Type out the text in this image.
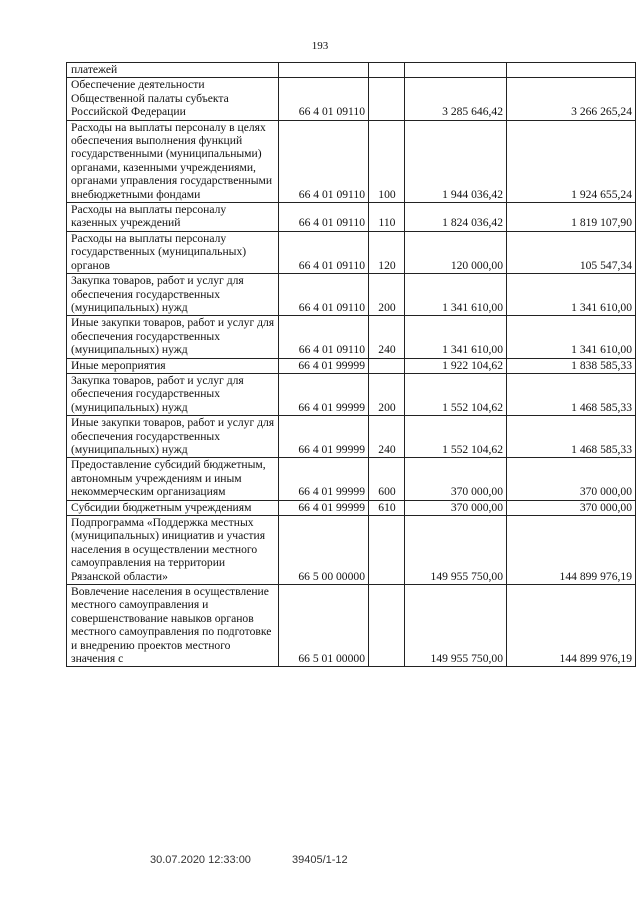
193
платежей				
Обеспечение деятельности Общественной палаты субъекта Российской Федерации	66 4 01 09110		3 285 646,42	3 266 265,24
Расходы на выплаты персоналу в целях обеспечения выполнения функций государственными (муниципальными) органами, казенными учреждениями, органами управления государственными внебюджетными фондами	66 4 01 09110	100	1 944 036,42	1 924 655,24
Расходы на выплаты персоналу казенных учреждений	66 4 01 09110	110	1 824 036,42	1 819 107,90
Расходы на выплаты персоналу государственных (муниципальных) органов	66 4 01 09110	120	120 000,00	105 547,34
Закупка товаров, работ и услуг для обеспечения государственных (муниципальных) нужд	66 4 01 09110	200	1 341 610,00	1 341 610,00
Иные закупки товаров, работ и услуг для обеспечения государственных (муниципальных) нужд	66 4 01 09110	240	1 341 610,00	1 341 610,00
Иные мероприятия	66 4 01 99999		1 922 104,62	1 838 585,33
Закупка товаров, работ и услуг для обеспечения государственных (муниципальных) нужд	66 4 01 99999	200	1 552 104,62	1 468 585,33
Иные закупки товаров, работ и услуг для обеспечения государственных (муниципальных) нужд	66 4 01 99999	240	1 552 104,62	1 468 585,33
Предоставление субсидий бюджетным, автономным учреждениям и иным некоммерческим организациям	66 4 01 99999	600	370 000,00	370 000,00
Субсидии бюджетным учреждениям	66 4 01 99999	610	370 000,00	370 000,00
Подпрограмма «Поддержка местных (муниципальных) инициатив и участия населения в осуществлении местного самоуправления на территории Рязанской области»	66 5 00 00000		149 955 750,00	144 899 976,19
Вовлечение населения в осуществление местного самоуправления и совершенствование навыков органов местного самоуправления по подготовке и внедрению проектов местного значения с	66 5 01 00000		149 955 750,00	144 899 976,19
30.07.2020 12:33:00	39405/1-12
